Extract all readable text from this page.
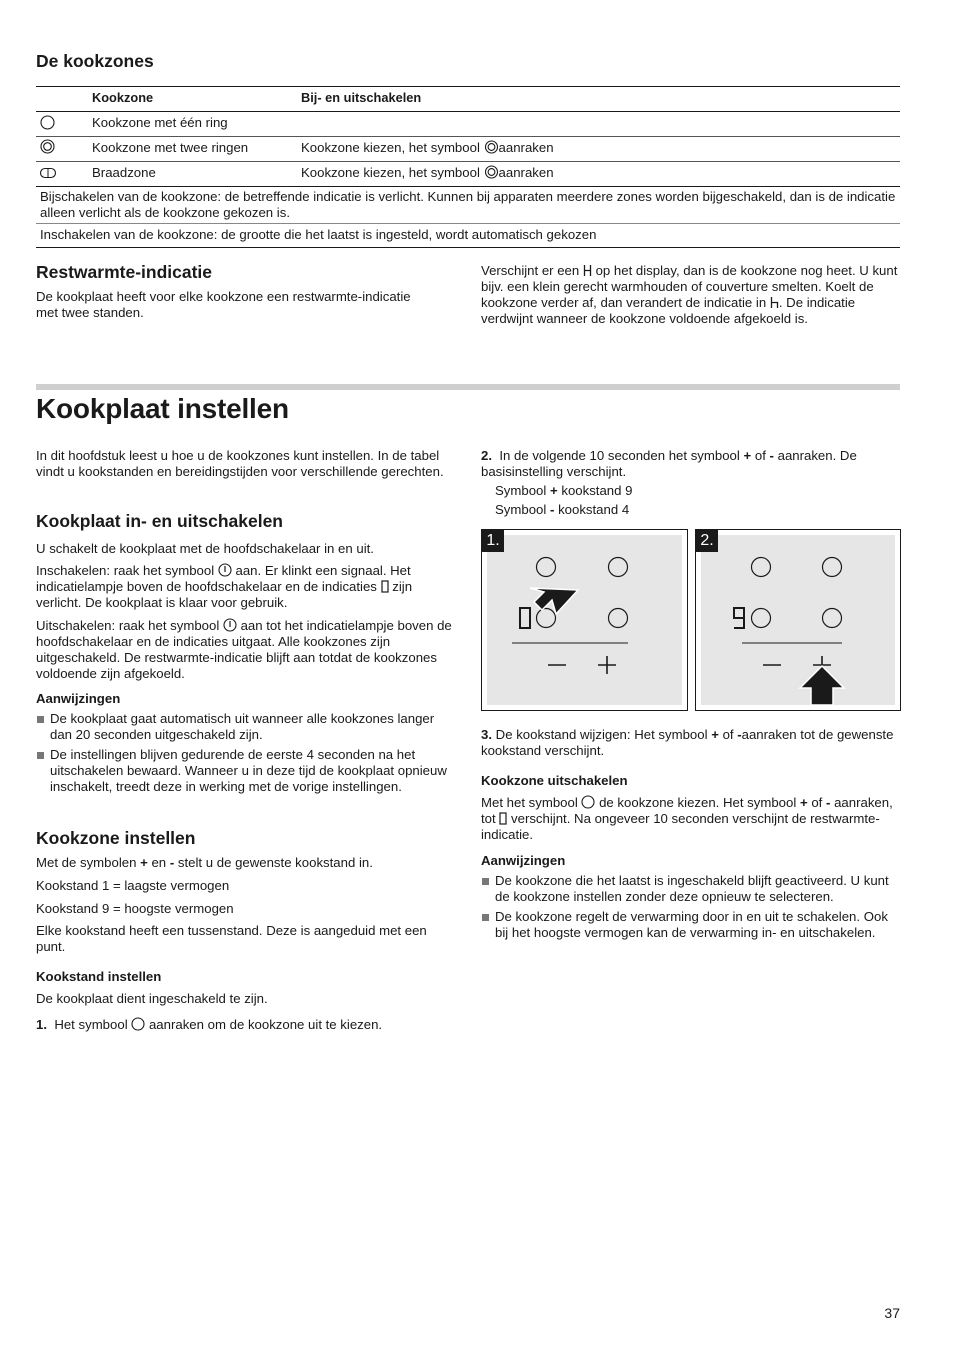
De kookzones
Kookzone	Bij- en uitschakelen
Kookzone met één ring
Kookzone met twee ringen	Kookzone kiezen, het symbool aanraken
Braadzone	Kookzone kiezen, het symbool aanraken

Bijschakelen van de kookzone: de betreffende indicatie is verlicht. Kunnen bij apparaten meerdere zones worden bijgeschakeld, dan is de indicatie alleen verlicht als de kookzone gekozen is.

Inschakelen van de kookzone: de grootte die het laatst is ingesteld, wordt automatisch gekozen

Restwarmte-indicatie

De kookplaat heeft voor elke kookzone een restwarmte-indicatie met twee standen.

Verschijnt er een op het display, dan is de kookzone nog heet. U kunt bijv. een klein gerecht warmhouden of couverture smelten. Koelt de kookzone verder af, dan verandert de indicatie in . De indicatie verdwijnt wanneer de kookzone voldoende afgekoeld is.

Kookplaat instellen

In dit hoofdstuk leest u hoe u de kookzones kunt instellen. In de tabel vindt u kookstanden en bereidingstijden voor verschillende gerechten.

Kookplaat in- en uitschakelen

U schakelt de kookplaat met de hoofdschakelaar in en uit.

Inschakelen: raak het symbool aan. Er klinkt een signaal. Het indicatielampje boven de hoofdschakelaar en de indicaties zijn verlicht. De kookplaat is klaar voor gebruik.

Uitschakelen: raak het symbool aan tot het indicatielampje boven de hoofdschakelaar en de indicaties uitgaat. Alle kookzones zijn uitgeschakeld. De restwarmte-indicatie blijft aan totdat de kookzones voldoende zijn afgekoeld.

Aanwijzingen
De kookplaat gaat automatisch uit wanneer alle kookzones langer dan 20 seconden uitgeschakeld zijn.
De instellingen blijven gedurende de eerste 4 seconden na het uitschakelen bewaard. Wanneer u in deze tijd de kookplaat opnieuw inschakelt, treedt deze in werking met de vorige instellingen.
Kookzone instellen

Met de symbolen + en - stelt u de gewenste kookstand in.

Kookstand 1 = laagste vermogen

Kookstand 9 = hoogste vermogen

Elke kookstand heeft een tussenstand. Deze is aangeduid met een punt.

Kookstand instellen

De kookplaat dient ingeschakeld te zijn.

1. Het symbool aanraken om de kookzone uit te kiezen.

2. In de volgende 10 seconden het symbool + of - aanraken. De basisinstelling verschijnt.

Symbool + kookstand 9

Symbool - kookstand 4

1.	2.

3. De kookstand wijzigen: Het symbool + of -aanraken tot de gewenste kookstand verschijnt.

Kookzone uitschakelen

Met het symbool de kookzone kiezen. Het symbool + of - aanraken, tot verschijnt. Na ongeveer 10 seconden verschijnt de restwarmte-indicatie.

Aanwijzingen
De kookzone die het laatst is ingeschakeld blijft geactiveerd. U kunt de kookzone instellen zonder deze opnieuw te selecteren.
De kookzone regelt de verwarming door in en uit te schakelen. Ook bij het hoogste vermogen kan de verwarming in- en uitschakelen.
37
